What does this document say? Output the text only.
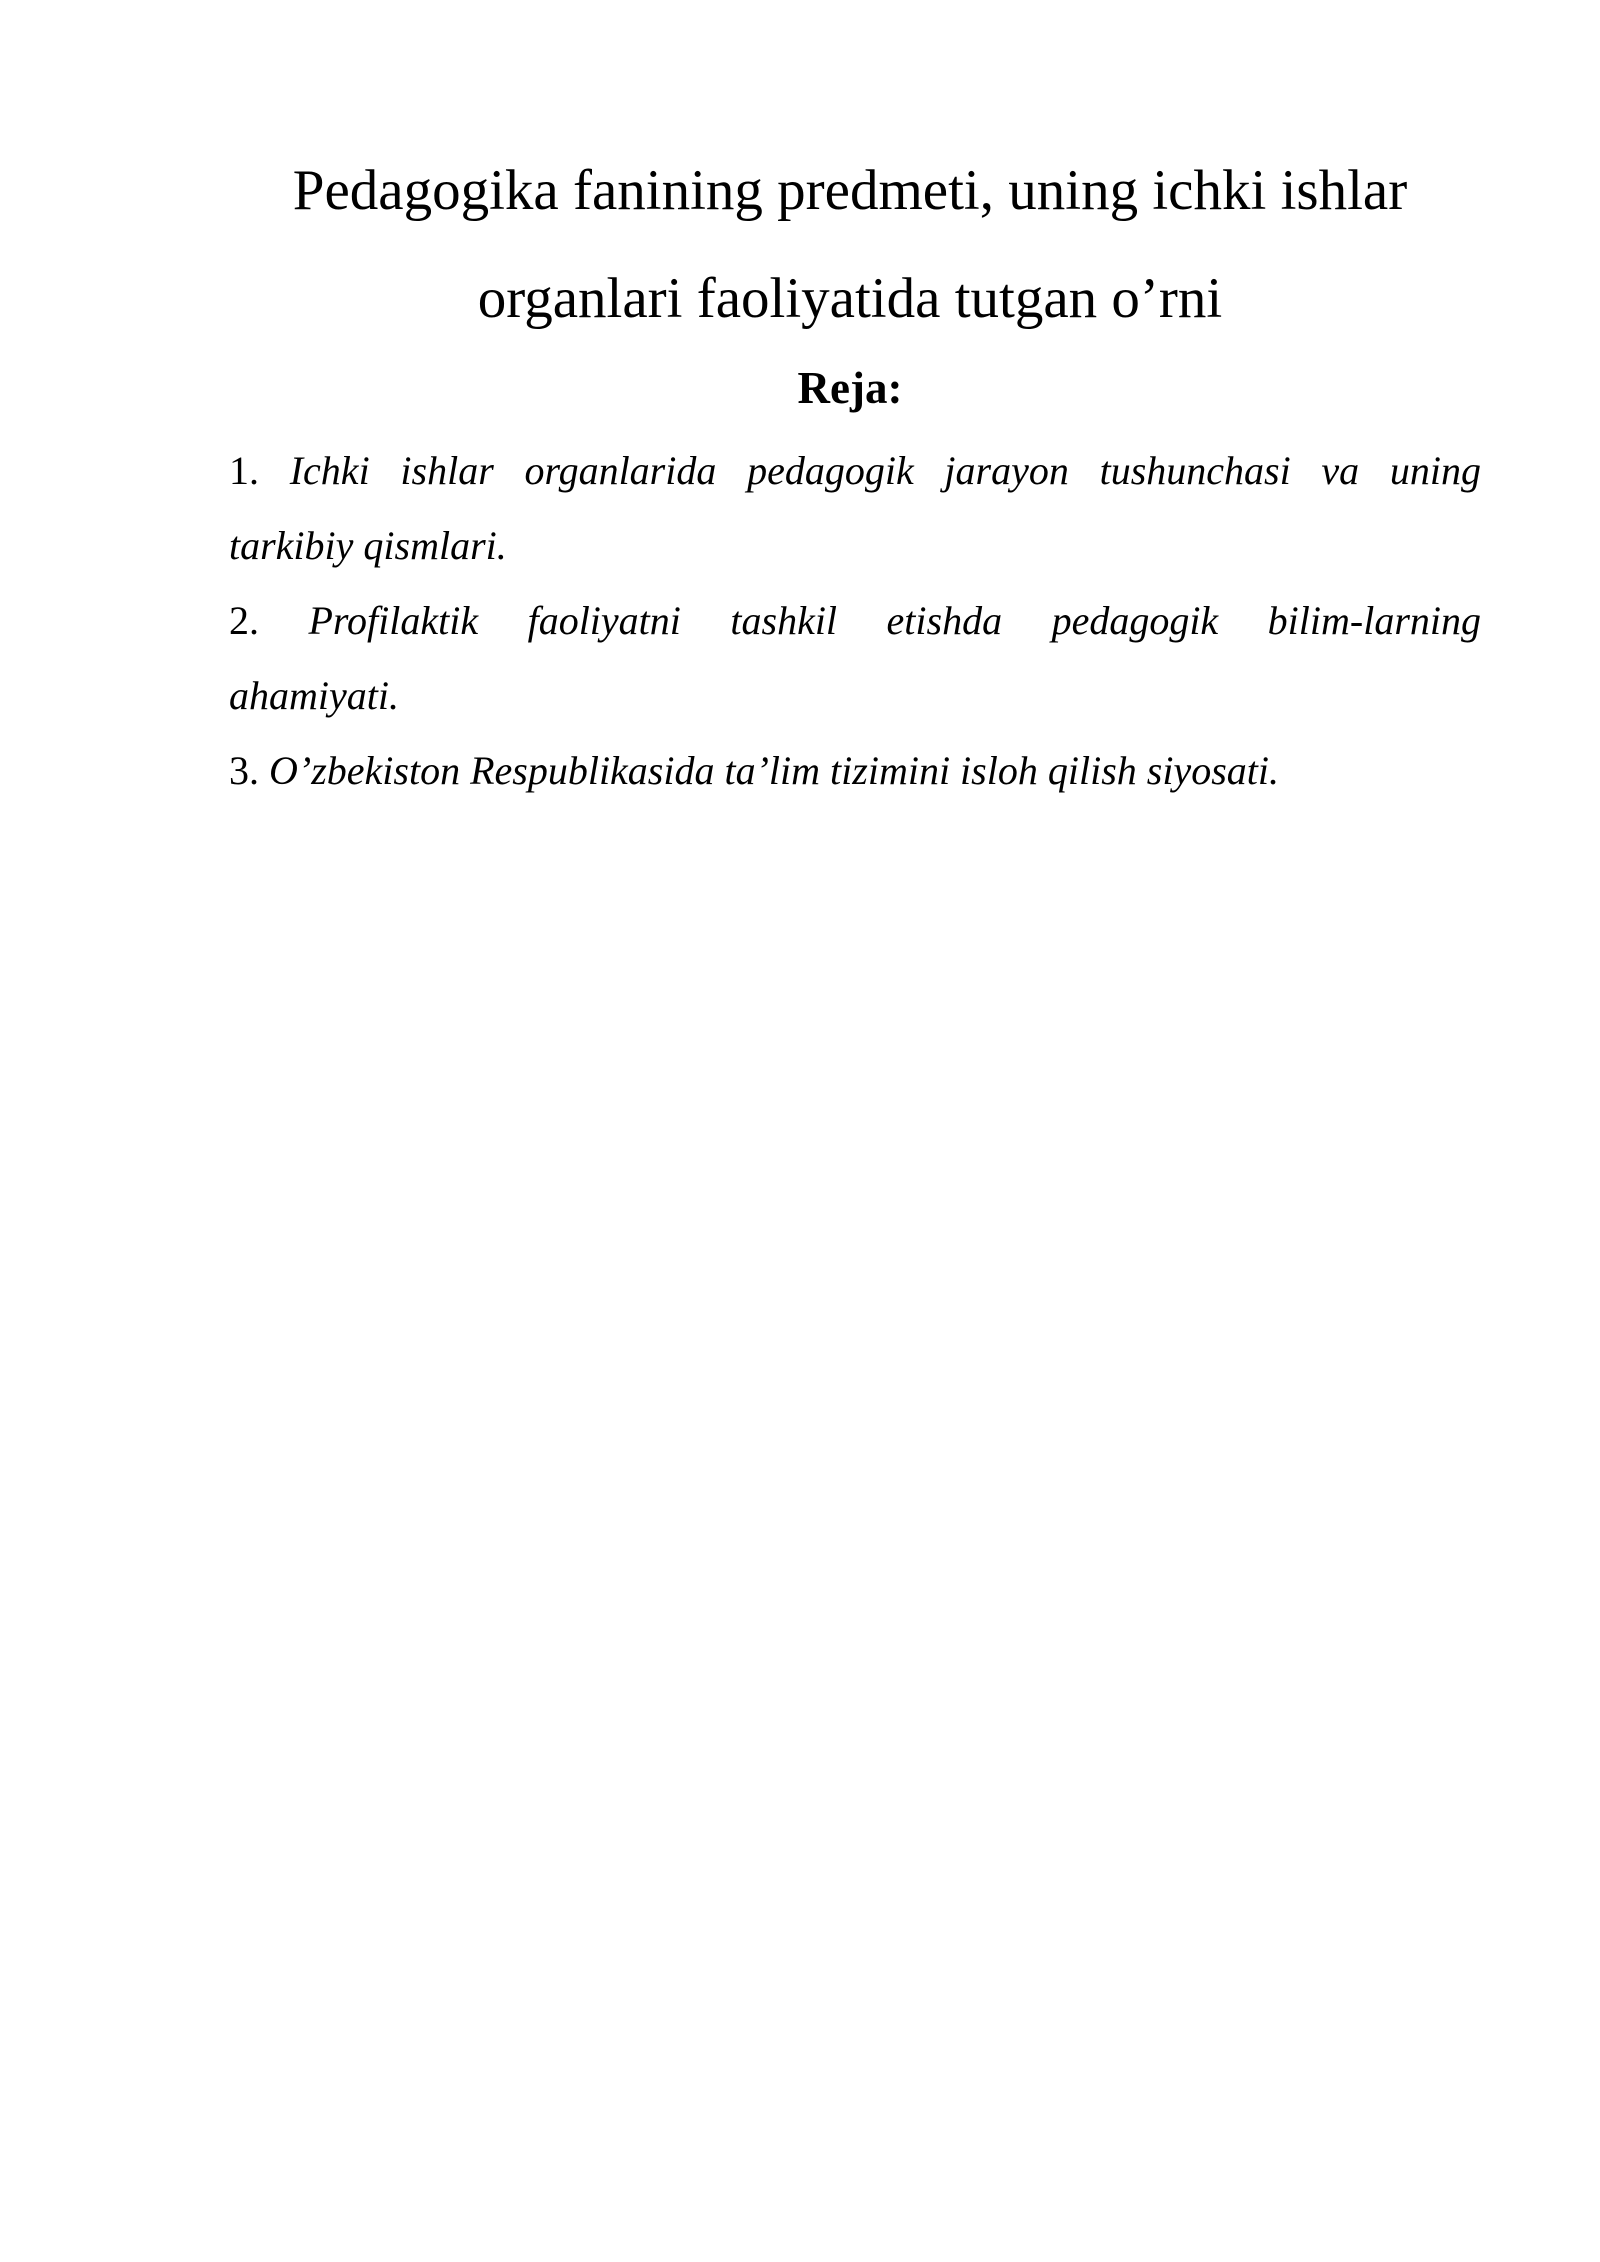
Pedagogika fanining predmeti, uning ichki ishlar
organlari faoliyatida tutgan o’rni
Reja:
1. Ichki ishlar organlarida pedagogik jarayon tushunchasi va uning
tarkibiy qismlari.
2. Profilaktik faoliyatni tashkil etishda pedagogik bilim-larning
ahamiyati.
3. O’zbekiston Respublikasida ta’lim tizimini isloh qilish siyosati.
